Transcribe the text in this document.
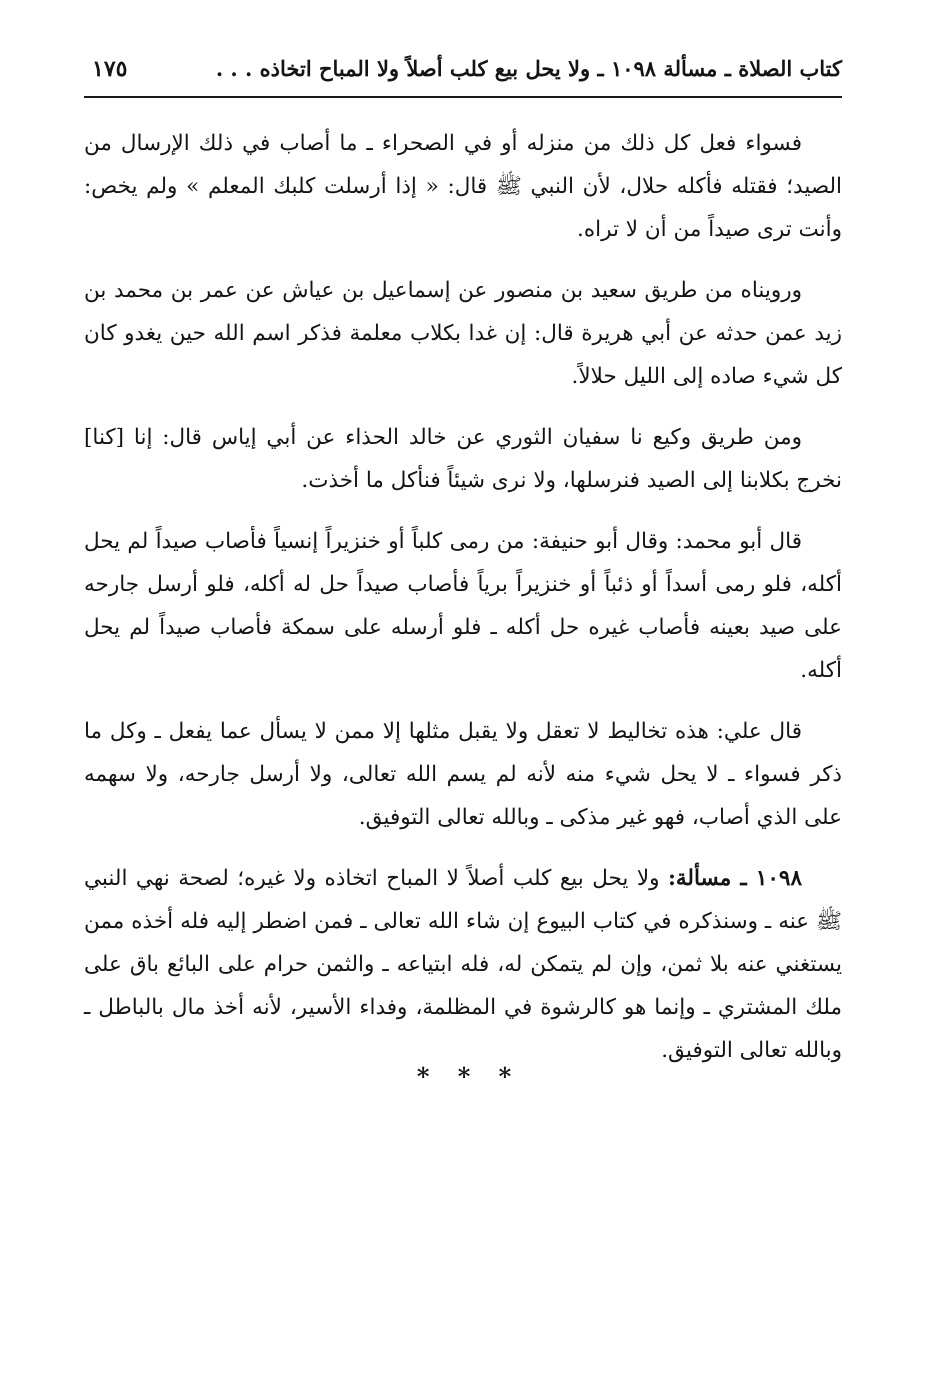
كتاب الصلاة ـ مسألة ١٠٩٨ ـ ولا يحل بيع كلب أصلاً ولا المباح اتخاذه . . .
١٧٥

فسواء فعل كل ذلك من منزله أو في الصحراء ـ ما أصاب في ذلك الإرسال من الصيد؛ فقتله فأكله حلال، لأن النبي ﷺ قال: « إذا أرسلت كلبك المعلم » ولم يخص: وأنت ترى صيداً من أن لا تراه.

ورويناه من طريق سعيد بن منصور عن إسماعيل بن عياش عن عمر بن محمد بن زيد عمن حدثه عن أبي هريرة قال: إن غدا بكلاب معلمة فذكر اسم الله حين يغدو كان كل شيء صاده إلى الليل حلالاً.

ومن طريق وكيع نا سفيان الثوري عن خالد الحذاء عن أبي إياس قال: إنا [كنا] نخرج بكلابنا إلى الصيد فنرسلها، ولا نرى شيئاً فنأكل ما أخذت.

قال أبو محمد: وقال أبو حنيفة: من رمى كلباً أو خنزيراً إنسياً فأصاب صيداً لم يحل أكله، فلو رمى أسداً أو ذئباً أو خنزيراً برياً فأصاب صيداً حل له أكله، فلو أرسل جارحه على صيد بعينه فأصاب غيره حل أكله ـ فلو أرسله على سمكة فأصاب صيداً لم يحل أكله.

قال علي: هذه تخاليط لا تعقل ولا يقبل مثلها إلا ممن لا يسأل عما يفعل ـ وكل ما ذكر فسواء ـ لا يحل شيء منه لأنه لم يسم الله تعالى، ولا أرسل جارحه، ولا سهمه على الذي أصاب، فهو غير مذكى ـ وبالله تعالى التوفيق.

١٠٩٨ ـ مسألة: ولا يحل بيع كلب أصلاً لا المباح اتخاذه ولا غيره؛ لصحة نهي النبي ﷺ عنه ـ وسنذكره في كتاب البيوع إن شاء الله تعالى ـ فمن اضطر إليه فله أخذه ممن يستغني عنه بلا ثمن، وإن لم يتمكن له، فله ابتياعه ـ والثمن حرام على البائع باق على ملك المشتري ـ وإنما هو كالرشوة في المظلمة، وفداء الأسير، لأنه أخذ مال بالباطل ـ وبالله تعالى التوفيق.

* * *
